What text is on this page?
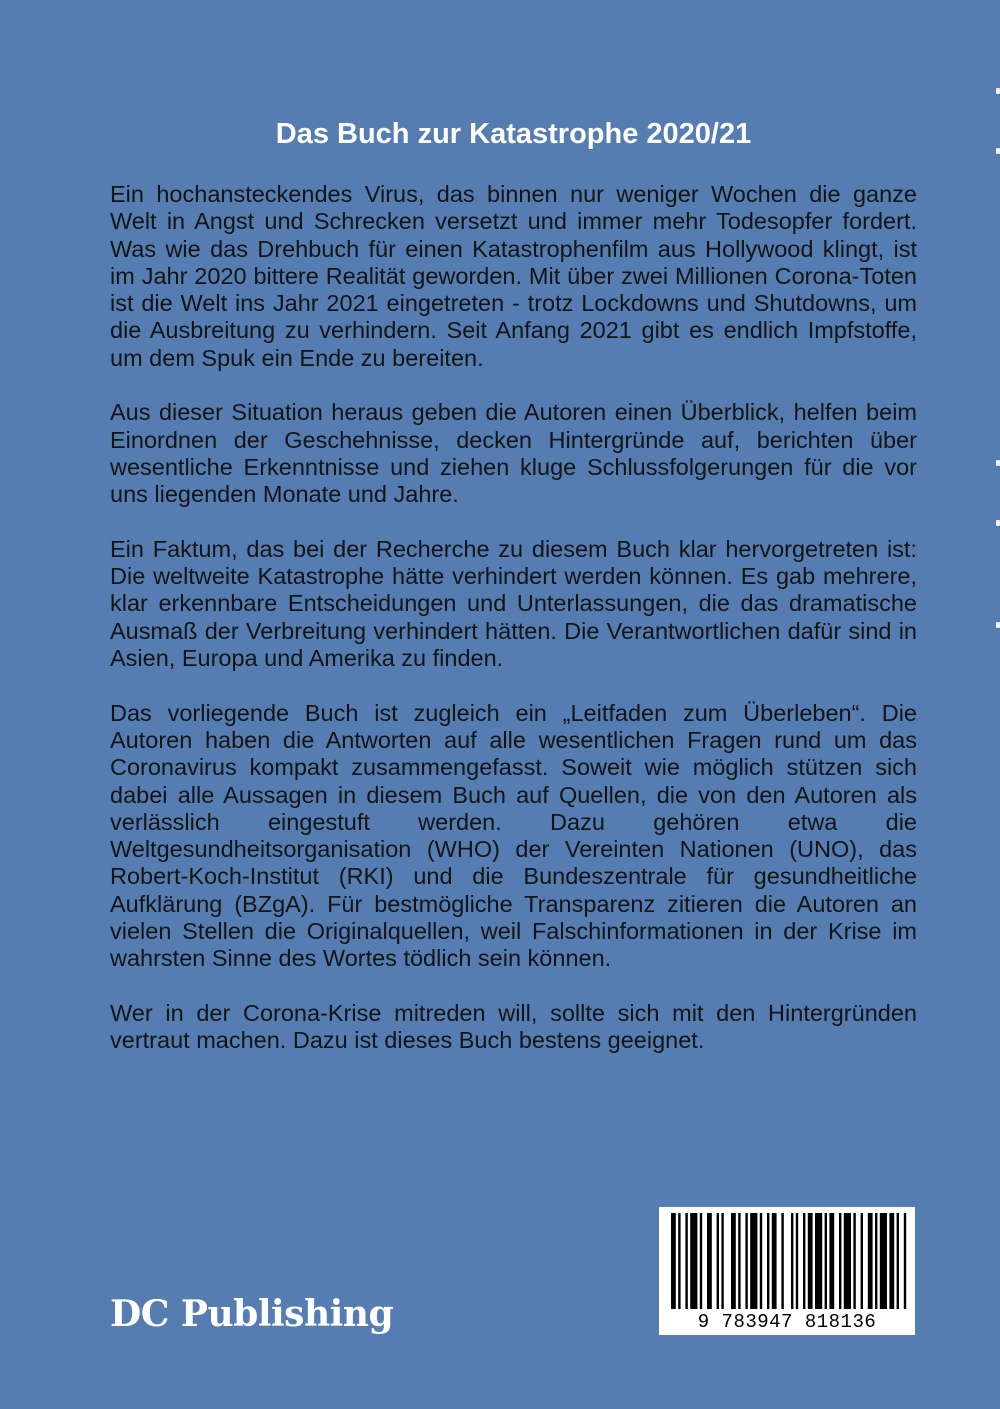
Das Buch zur Katastrophe 2020/21

Ein hochansteckendes Virus, das binnen nur weniger Wochen die ganze Welt in Angst und Schrecken versetzt und immer mehr Todesopfer fordert. Was wie das Drehbuch für einen Katastrophenfilm aus Hollywood klingt, ist im Jahr 2020 bittere Realität geworden. Mit über zwei Millionen Corona-Toten ist die Welt ins Jahr 2021 eingetreten - trotz Lockdowns und Shutdowns, um die Ausbreitung zu verhindern. Seit Anfang 2021 gibt es endlich Impfstoffe, um dem Spuk ein Ende zu bereiten.

Aus dieser Situation heraus geben die Autoren einen Überblick, helfen beim Einordnen der Geschehnisse, decken Hintergründe auf, berichten über wesentliche Erkenntnisse und ziehen kluge Schlussfolgerungen für die vor uns liegenden Monate und Jahre.

Ein Faktum, das bei der Recherche zu diesem Buch klar hervorgetreten ist: Die weltweite Katastrophe hätte verhindert werden können. Es gab mehrere, klar erkennbare Entscheidungen und Unterlassungen, die das dramatische Ausmaß der Verbreitung verhindert hätten. Die Verantwortlichen dafür sind in Asien, Europa und Amerika zu finden.

Das vorliegende Buch ist zugleich ein „Leitfaden zum Überleben“. Die Autoren haben die Antworten auf alle wesentlichen Fragen rund um das Coronavirus kompakt zusammengefasst. Soweit wie möglich stützen sich dabei alle Aussagen in diesem Buch auf Quellen, die von den Autoren als verlässlich eingestuft werden. Dazu gehören etwa die Weltgesundheitsorganisation (WHO) der Vereinten Nationen (UNO), das Robert-Koch-Institut (RKI) und die Bundeszentrale für gesundheitliche Aufklärung (BZgA). Für bestmögliche Transparenz zitieren die Autoren an vielen Stellen die Originalquellen, weil Falschinformationen in der Krise im wahrsten Sinne des Wortes tödlich sein können.

Wer in der Corona-Krise mitreden will, sollte sich mit den Hintergründen vertraut machen. Dazu ist dieses Buch bestens geeignet.

DC Publishing	9 783947 818136
